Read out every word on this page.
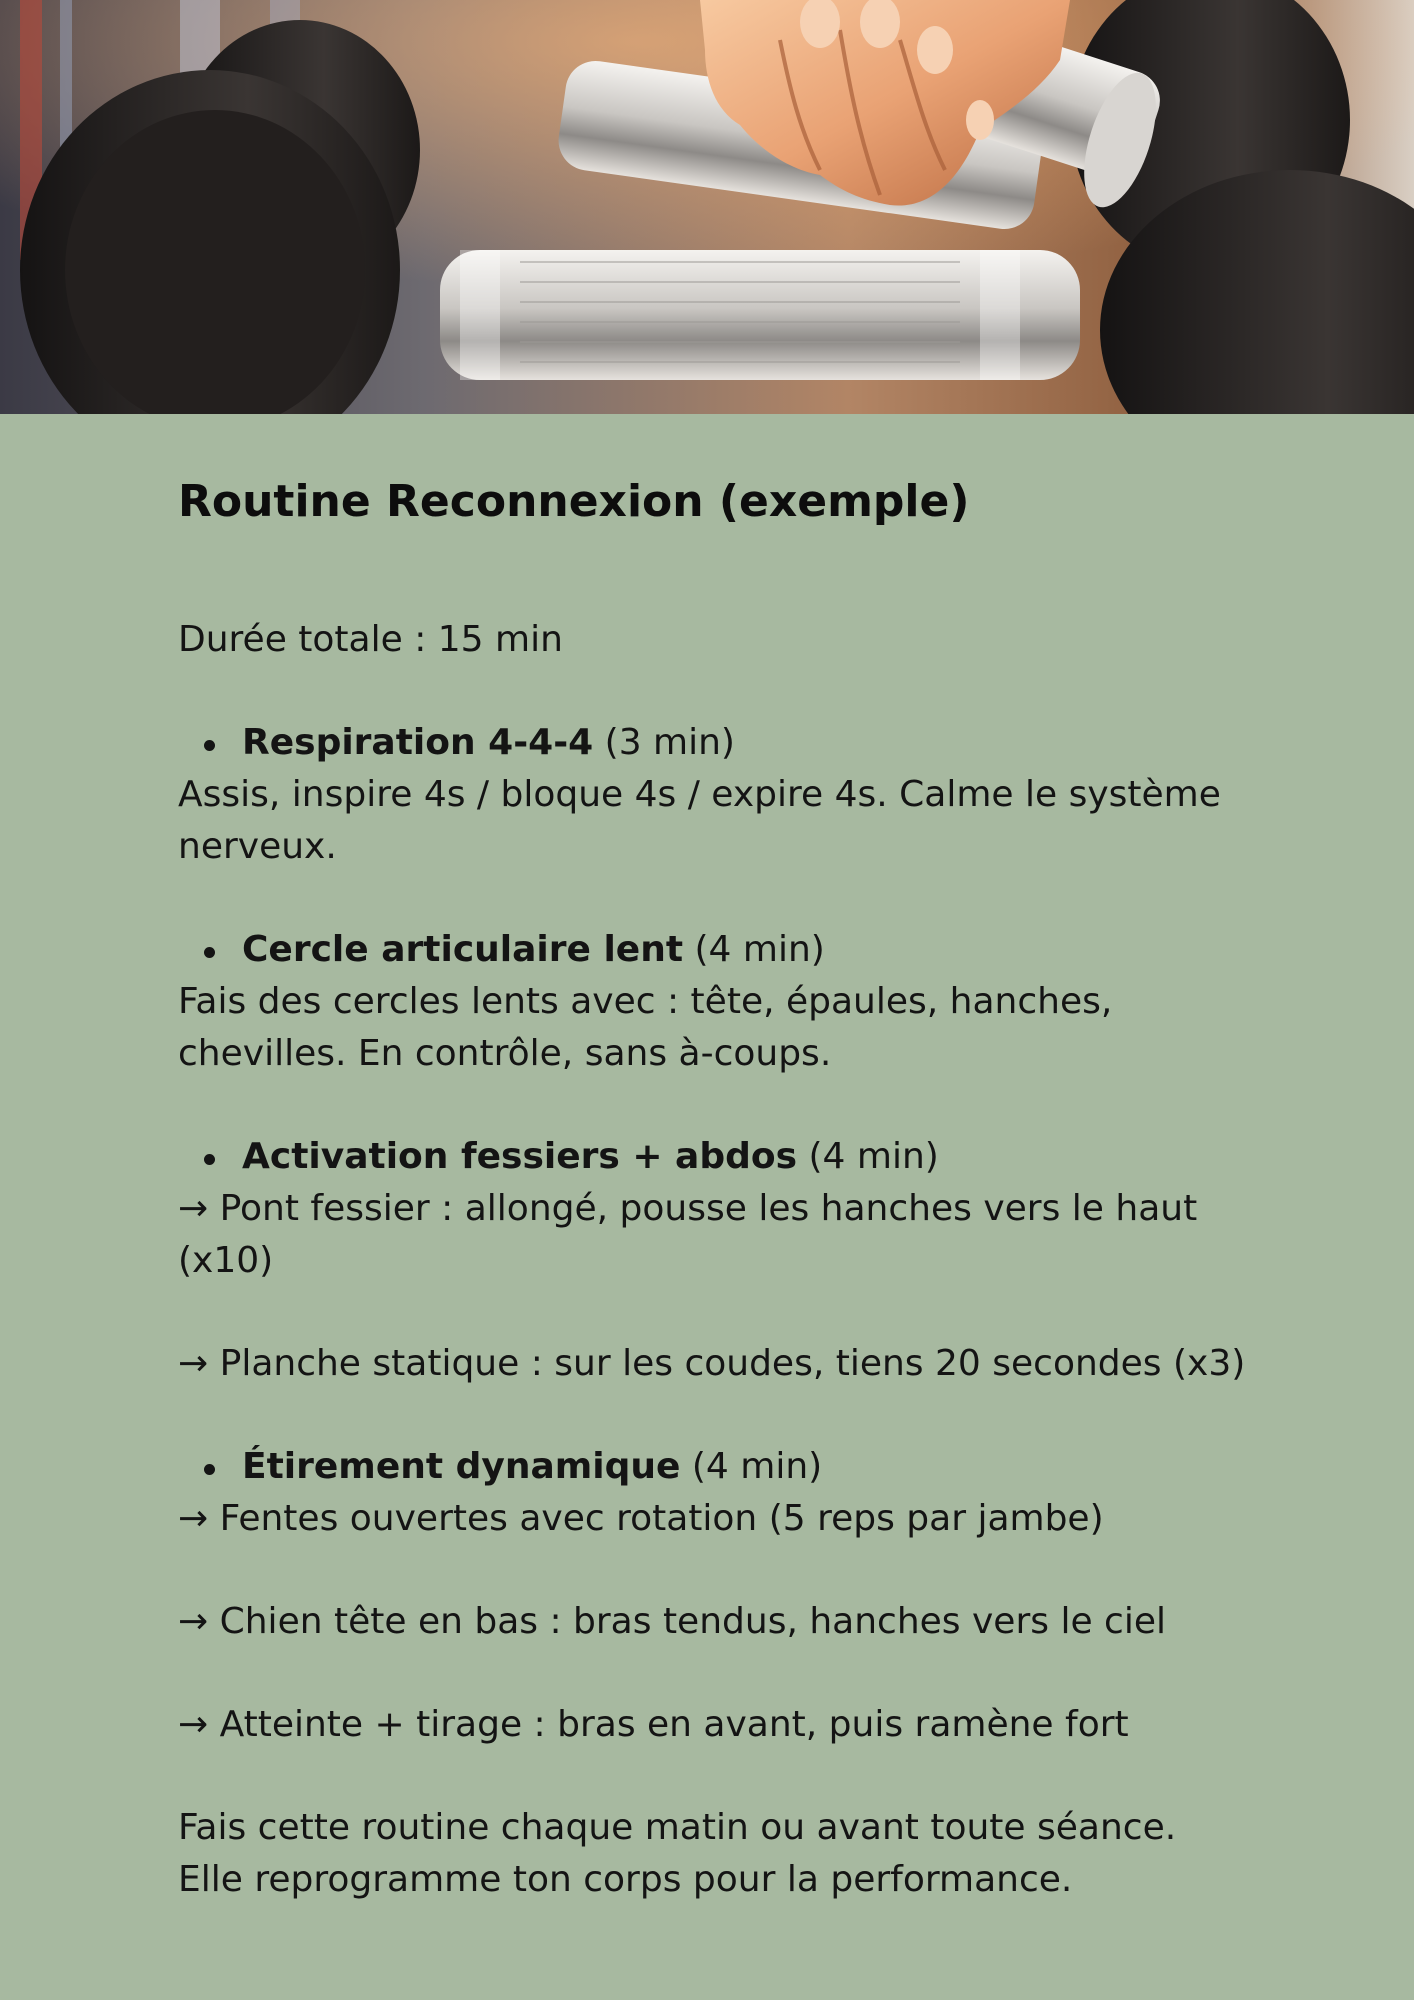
Routine Reconnexion (exemple)

Durée totale : 15 min

Respiration 4-4-4 (3 min)

Assis, inspire 4s / bloque 4s / expire 4s. Calme le système nerveux.

Cercle articulaire lent (4 min)

Fais des cercles lents avec : tête, épaules, hanches, chevilles. En contrôle, sans à-coups.

Activation fessiers + abdos (4 min)

→ Pont fessier : allongé, pousse les hanches vers le haut (x10)

→ Planche statique : sur les coudes, tiens 20 secondes (x3)

Étirement dynamique (4 min)

→ Fentes ouvertes avec rotation (5 reps par jambe)

→ Chien tête en bas : bras tendus, hanches vers le ciel

→ Atteinte + tirage : bras en avant, puis ramène fort

Fais cette routine chaque matin ou avant toute séance.

Elle reprogramme ton corps pour la performance.
